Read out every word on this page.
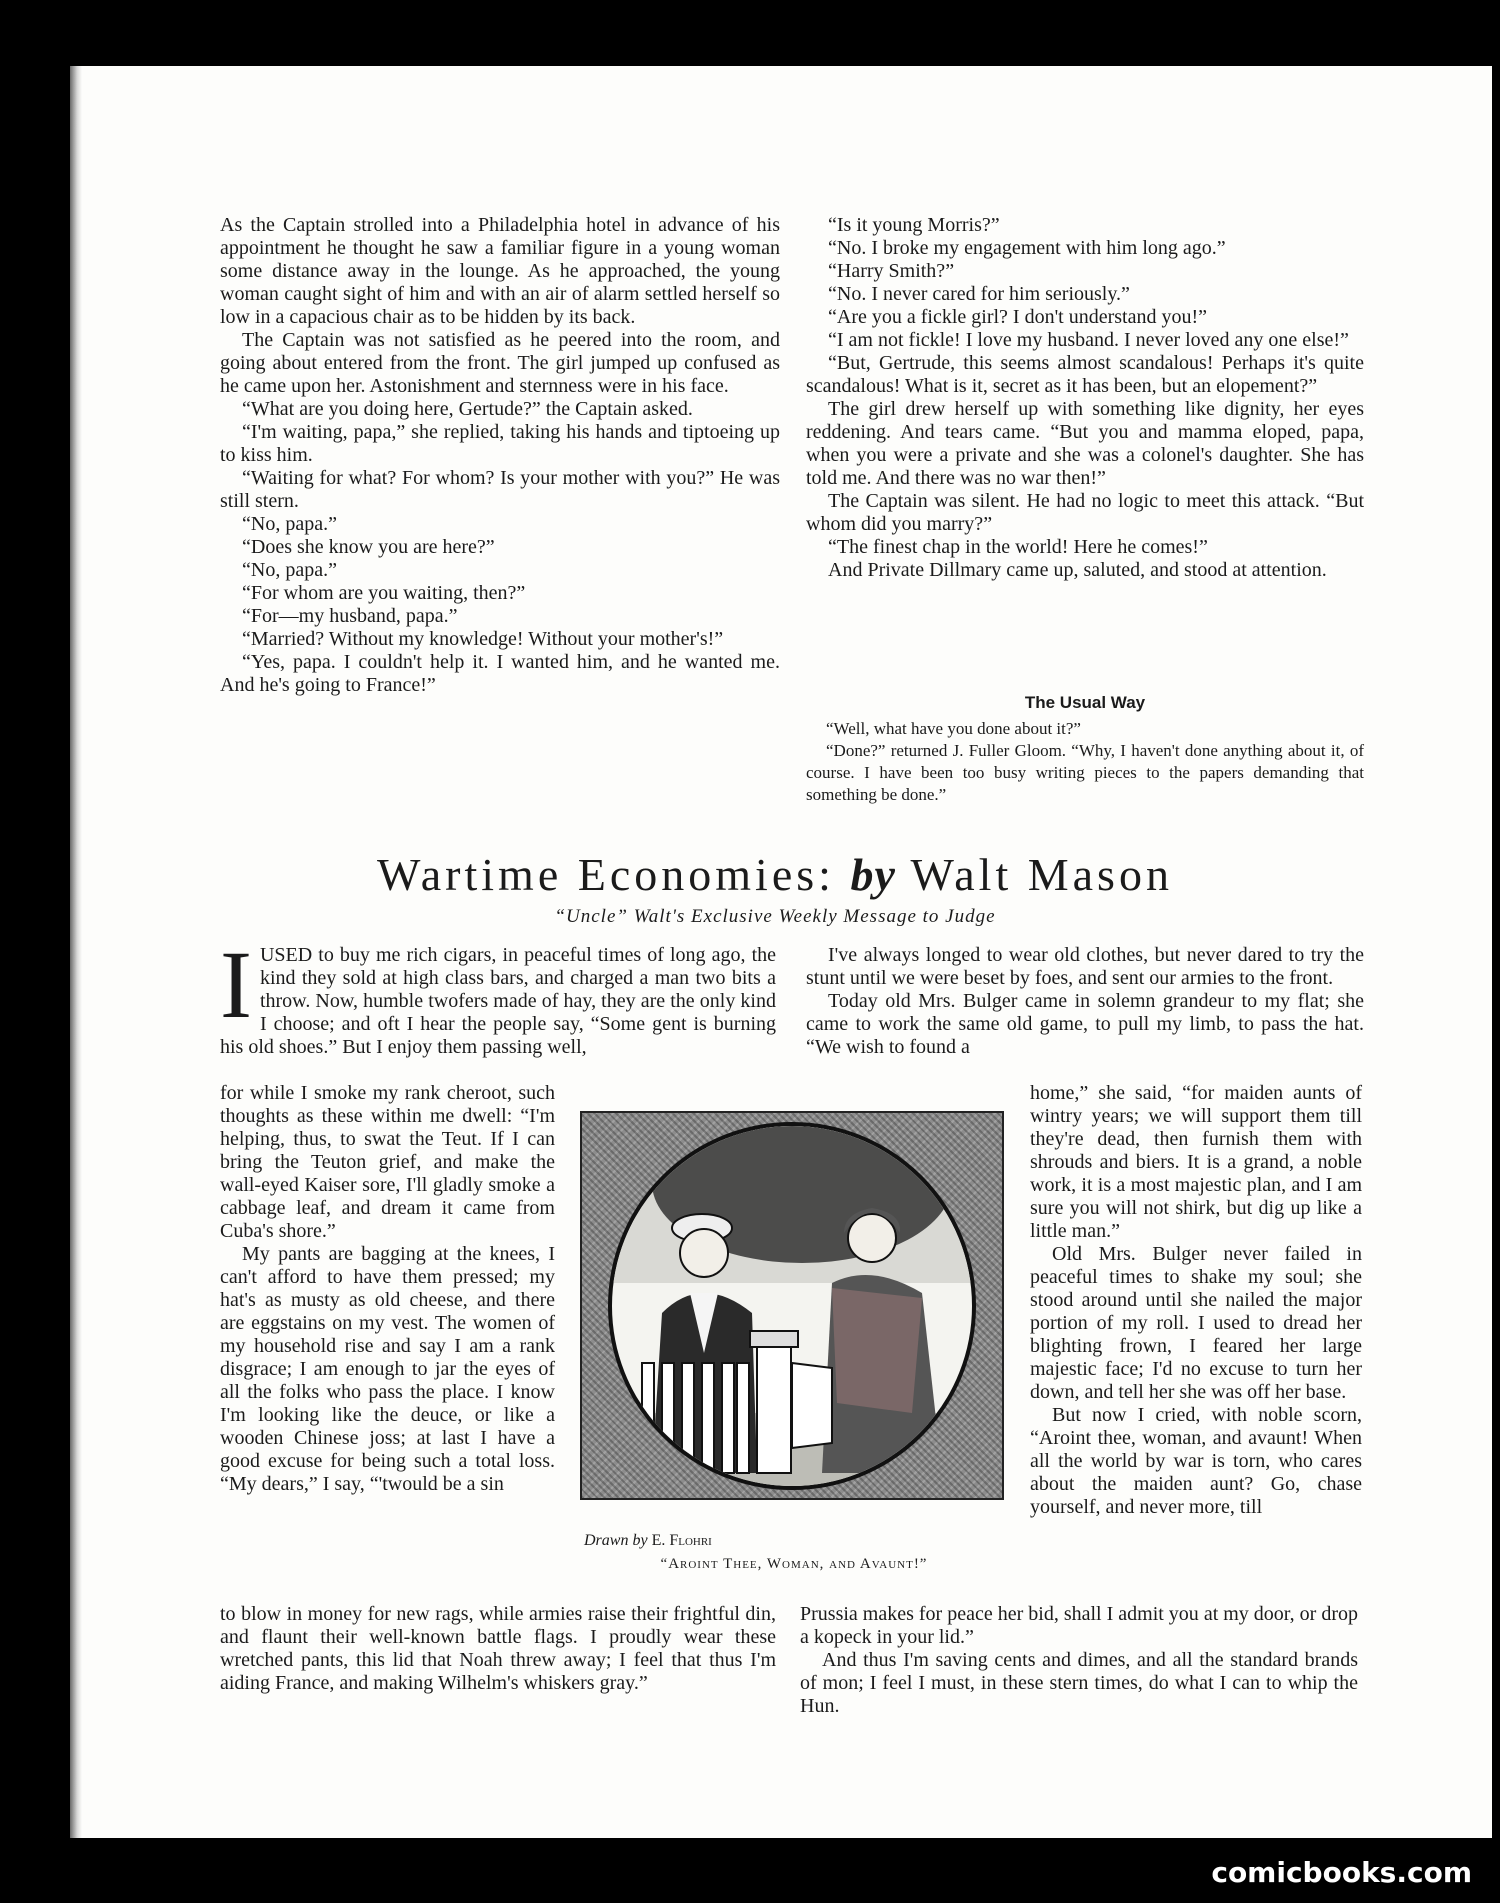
As the Captain strolled into a Philadelphia hotel in advance of his appointment he thought he saw a familiar figure in a young woman some distance away in the lounge. As he approached, the young woman caught sight of him and with an air of alarm settled herself so low in a capacious chair as to be hidden by its back.

The Captain was not satisfied as he peered into the room, and going about entered from the front. The girl jumped up confused as he came upon her. Astonishment and sternness were in his face.

“What are you doing here, Gertude?” the Captain asked.

“I'm waiting, papa,” she replied, taking his hands and tiptoeing up to kiss him.

“Waiting for what? For whom? Is your mother with you?” He was still stern.

“No, papa.”

“Does she know you are here?”

“No, papa.”

“For whom are you waiting, then?”

“For—my husband, papa.”

“Married? Without my knowledge! Without your mother's!”

“Yes, papa. I couldn't help it. I wanted him, and he wanted me. And he's going to France!”

“Is it young Morris?”

“No. I broke my engagement with him long ago.”

“Harry Smith?”

“No. I never cared for him seriously.”

“Are you a fickle girl? I don't understand you!”

“I am not fickle! I love my husband. I never loved any one else!”

“But, Gertrude, this seems almost scandalous! Perhaps it's quite scandalous! What is it, secret as it has been, but an elopement?”

The girl drew herself up with something like dignity, her eyes reddening. And tears came. “But you and mamma eloped, papa, when you were a private and she was a colonel's daughter. She has told me. And there was no war then!”

The Captain was silent. He had no logic to meet this attack. “But whom did you marry?”

“The finest chap in the world! Here he comes!”

And Private Dillmary came up, saluted, and stood at attention.

The Usual Way

“Well, what have you done about it?”

“Done?” returned J. Fuller Gloom. “Why, I haven't done anything about it, of course. I have been too busy writing pieces to the papers demanding that something be done.”

Wartime Economies: by Walt Mason
“Uncle” Walt's Exclusive Weekly Message to Judge

IUSED to buy me rich cigars, in peaceful times of long ago, the kind they sold at high class bars, and charged a man two bits a throw. Now, humble twofers made of hay, they are the only kind I choose; and oft I hear the people say, “Some gent is burning his old shoes.” But I enjoy them passing well,

for while I smoke my rank cheroot, such thoughts as these within me dwell: “I'm helping, thus, to swat the Teut. If I can bring the Teuton grief, and make the wall-eyed Kaiser sore, I'll gladly smoke a cabbage leaf, and dream it came from Cuba's shore.”

My pants are bagging at the knees, I can't afford to have them pressed; my hat's as musty as old cheese, and there are eggstains on my vest. The women of my household rise and say I am a rank disgrace; I am enough to jar the eyes of all the folks who pass the place. I know I'm looking like the deuce, or like a wooden Chinese joss; at last I have a good excuse for being such a total loss. “My dears,” I say, “'twould be a sin

to blow in money for new rags, while armies raise their frightful din, and flaunt their well-known battle flags. I proudly wear these wretched pants, this lid that Noah threw away; I feel that thus I'm aiding France, and making Wilhelm's whiskers gray.”

I've always longed to wear old clothes, but never dared to try the stunt until we were beset by foes, and sent our armies to the front.

Today old Mrs. Bulger came in solemn grandeur to my flat; she came to work the same old game, to pull my limb, to pass the hat. “We wish to found a

home,” she said, “for maiden aunts of wintry years; we will support them till they're dead, then furnish them with shrouds and biers. It is a grand, a noble work, it is a most majestic plan, and I am sure you will not shirk, but dig up like a little man.”

Old Mrs. Bulger never failed in peaceful times to shake my soul; she stood around until she nailed the major portion of my roll. I used to dread her blighting frown, I feared her large majestic face; I'd no excuse to turn her down, and tell her she was off her base.

But now I cried, with noble scorn, “Aroint thee, woman, and avaunt! When all the world by war is torn, who cares about the maiden aunt? Go, chase yourself, and never more, till

Prussia makes for peace her bid, shall I admit you at my door, or drop a kopeck in your lid.”

And thus I'm saving cents and dimes, and all the standard brands of mon; I feel I must, in these stern times, do what I can to whip the Hun.

Drawn by E. Flohri
“Aroint Thee, Woman, and Avaunt!”
comicbooks.com
